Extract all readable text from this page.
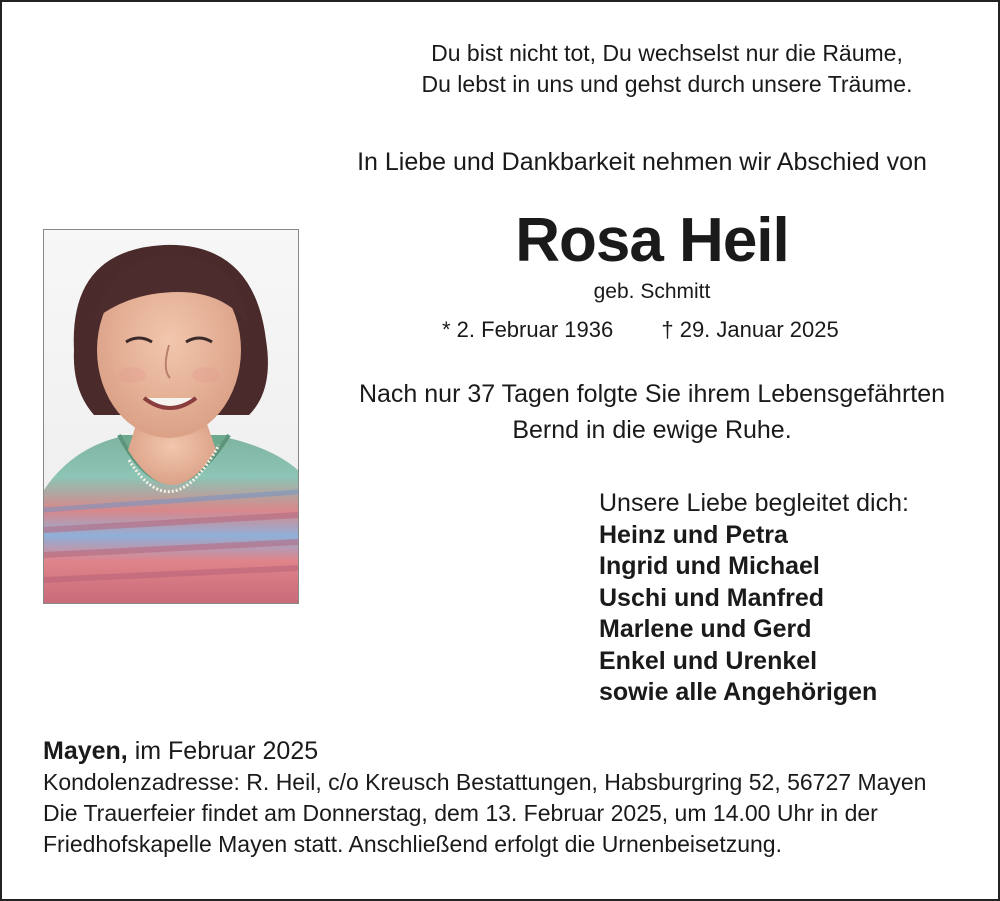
Du bist nicht tot, Du wechselst nur die Räume,
Du lebst in uns und gehst durch unsere Träume.
In Liebe und Dankbarkeit nehmen wir Abschied von
Rosa Heil
geb. Schmitt
* 2. Februar 1936 † 29. Januar 2025
Nach nur 37 Tagen folgte Sie ihrem Lebensgefährten
Bernd in die ewige Ruhe.
Unsere Liebe begleitet dich:
Heinz und Petra
Ingrid und Michael
Uschi und Manfred
Marlene und Gerd
Enkel und Urenkel
sowie alle Angehörigen
Mayen, im Februar 2025
Kondolenzadresse: R. Heil, c/o Kreusch Bestattungen, Habsburgring 52, 56727 Mayen
Die Trauerfeier findet am Donnerstag, dem 13. Februar 2025, um 14.00 Uhr in der
Friedhofskapelle Mayen statt. Anschließend erfolgt die Urnenbeisetzung.
